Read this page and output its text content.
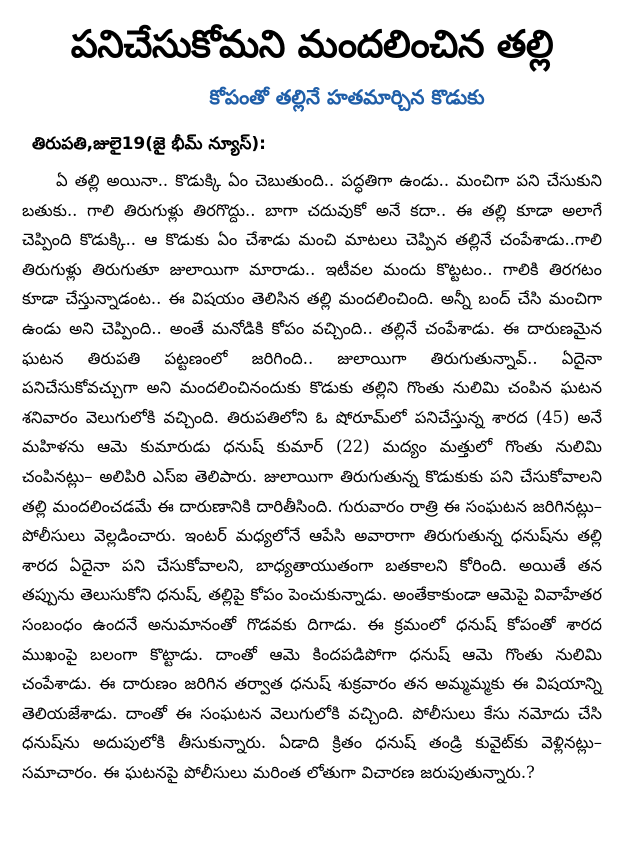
పనిచేసుకోమని మందలించిన తల్లి
కోపంతో తల్లినే హతమార్చిన కొడుకు
తిరుపతి,జులై19(జై భీమ్ న్యూస్):

ఏ తల్లి అయినా.. కొడుక్కి ఏం చెబుతుంది.. పద్ధతిగా ఉండు.. మంచిగా పని చేసుకుని బతుకు.. గాలి తిరుగుళ్లు తిరగొద్దు.. బాగా చదువుకో అనే కదా.. ఈ తల్లి కూడా అలాగే చెప్పింది కొడుక్కి.. ఆ కొడుకు ఏం చేశాడు మంచి మాటలు చెప్పిన తల్లినే చంపేశాడు..గాలి తిరుగుళ్లు తిరుగుతూ జులాయిగా మారాడు.. ఇటీవల మందు కొట్టటం.. గాలికి తిరగటం కూడా చేస్తున్నాడంట.. ఈ విషయం తెలిసిన తల్లి మందలించింది. అన్నీ బంద్ చేసి మంచిగా ఉండు అని చెప్పింది.. అంతే మనోడికి కోపం వచ్చింది.. తల్లినే చంపేశాడు. ఈ దారుణమైన ఘటన తిరుపతి పట్టణంలో జరిగింది.. జులాయిగా తిరుగుతున్నావ్.. ఏదైనా పనిచేసుకోవచ్చుగా అని మందలించినందుకు కొడుకు తల్లిని గొంతు నులిమి చంపిన ఘటన శనివారం వెలుగులోకి వచ్చింది. తిరుపతిలోని ఓ షోరూమ్‌లో పనిచేస్తున్న శారద (45) అనే మహిళను ఆమె కుమారుడు ధనుష్ కుమార్ (22) మద్యం మత్తులో గొంతు నులిమి చంపినట్లు– అలిపిరి ఎస్ఐ తెలిపారు. జులాయిగా తిరుగుతున్న కొడుకుకు పని చేసుకోవాలని తల్లి మందలించడమే ఈ దారుణానికి దారితీసింది. గురువారం రాత్రి ఈ సంఘటన జరిగినట్లు– పోలీసులు వెల్లడించారు. ఇంటర్ మధ్యలోనే ఆపేసి అవారాగా తిరుగుతున్న ధనుష్‌ను తల్లి శారద ఏదైనా పని చేసుకోవాలని, బాధ్యతాయుతంగా బతకాలని కోరింది. అయితే తన తప్పును తెలుసుకోని ధనుష్, తల్లిపై కోపం పెంచుకున్నాడు. అంతేకాకుండా ఆమెపై వివాహేతర సంబంధం ఉందనే అనుమానంతో గొడవకు దిగాడు. ఈ క్రమంలో ధనుష్ కోపంతో శారద ముఖంపై బలంగా కొట్టాడు. దాంతో ఆమె కిందపడిపోగా ధనుష్ ఆమె గొంతు నులిమి చంపేశాడు. ఈ దారుణం జరిగిన తర్వాత ధనుష్ శుక్రవారం తన అమ్మమ్మకు ఈ విషయాన్ని తెలియజేశాడు. దాంతో ఈ సంఘటన వెలుగులోకి వచ్చింది. పోలీసులు కేసు నమోదు చేసి ధనుష్‌ను అదుపులోకి తీసుకున్నారు. ఏడాది క్రితం ధనుష్ తండ్రి కువైట్‌కు వెళ్లినట్లు– సమాచారం. ఈ ఘటనపై పోలీసులు మరింత లోతుగా విచారణ జరుపుతున్నారు.?
